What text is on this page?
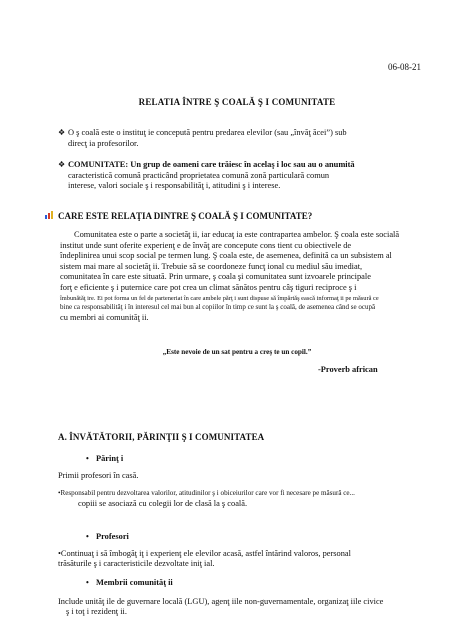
06-08-21
RELATIA ÎNTRE Ş COALĂ Ş I COMUNITATE
❖ O ş coală este o instituţ ie concepută pentru predarea elevilor (sau „învăţ ăcei”) sub
direcţ ia profesorilor.
❖ COMUNITATE: Un grup de oameni care trăiesc în acelaş i loc sau au o anumită
caracteristică comună practicând proprietatea comună zonă particulară comun
interese, valori sociale ş i responsabilităţ i, atitudini ş i interese.
CARE ESTE RELAŢIA DINTRE Ş COALĂ Ş I COMUNITATE?
Comunitatea este o parte a societăţ ii, iar educaţ ia este contrapartea ambelor. Ş coala este socială
institut unde sunt oferite experienţ e de învăţ are concepute cons tient cu obiectivele de
îndeplinirea unui scop social pe termen lung. Ş coala este, de asemenea, definită ca un subsistem al
sistem mai mare al societăţ ii. Trebuie să se coordoneze funcţ ional cu mediul său imediat,
comunitatea în care este situată. Prin urmare, ş coala şi comunitatea sunt izvoarele principale
forţ e eficiente ş i puternice care pot crea un climat sănătos pentru câş tiguri reciproce ş i
îmbunătăţ ire. Ei pot forma un fel de parteneriat în care ambele părţ i sunt dispuse să împărtăş ească informaţ ii pe măsură ce
bine ca responsabilităţ i în interesul cel mai bun al copiilor în timp ce sunt la ş coală, de asemenea când se ocupă
cu membri ai comunităţ ii.
„Este nevoie de un sat pentru a creş te un copil.”
-Proverb african
A. ÎNVĂTĂTORII, PĂRINŢII Ş I COMUNITATEA
• Părinţ i
Primii profesori în casă.
•Responsabil pentru dezvoltarea valorilor, atitudinilor ş i obiceiurilor care vor fi necesare pe măsură ce...
copiii se asociază cu colegii lor de clasă la ş coală.
• Profesori
•Continuaţ i să îmbogăţ iţ i experienţ ele elevilor acasă, astfel întărind valoros, personal
trăsăturile ş i caracteristicile dezvoltate iniţ ial.
• Membrii comunităţ ii
Include unităţ ile de guvernare locală (LGU), agenţ iile non-guvernamentale, organizaţ iile civice
ş i toţ i rezidenţ ii.
